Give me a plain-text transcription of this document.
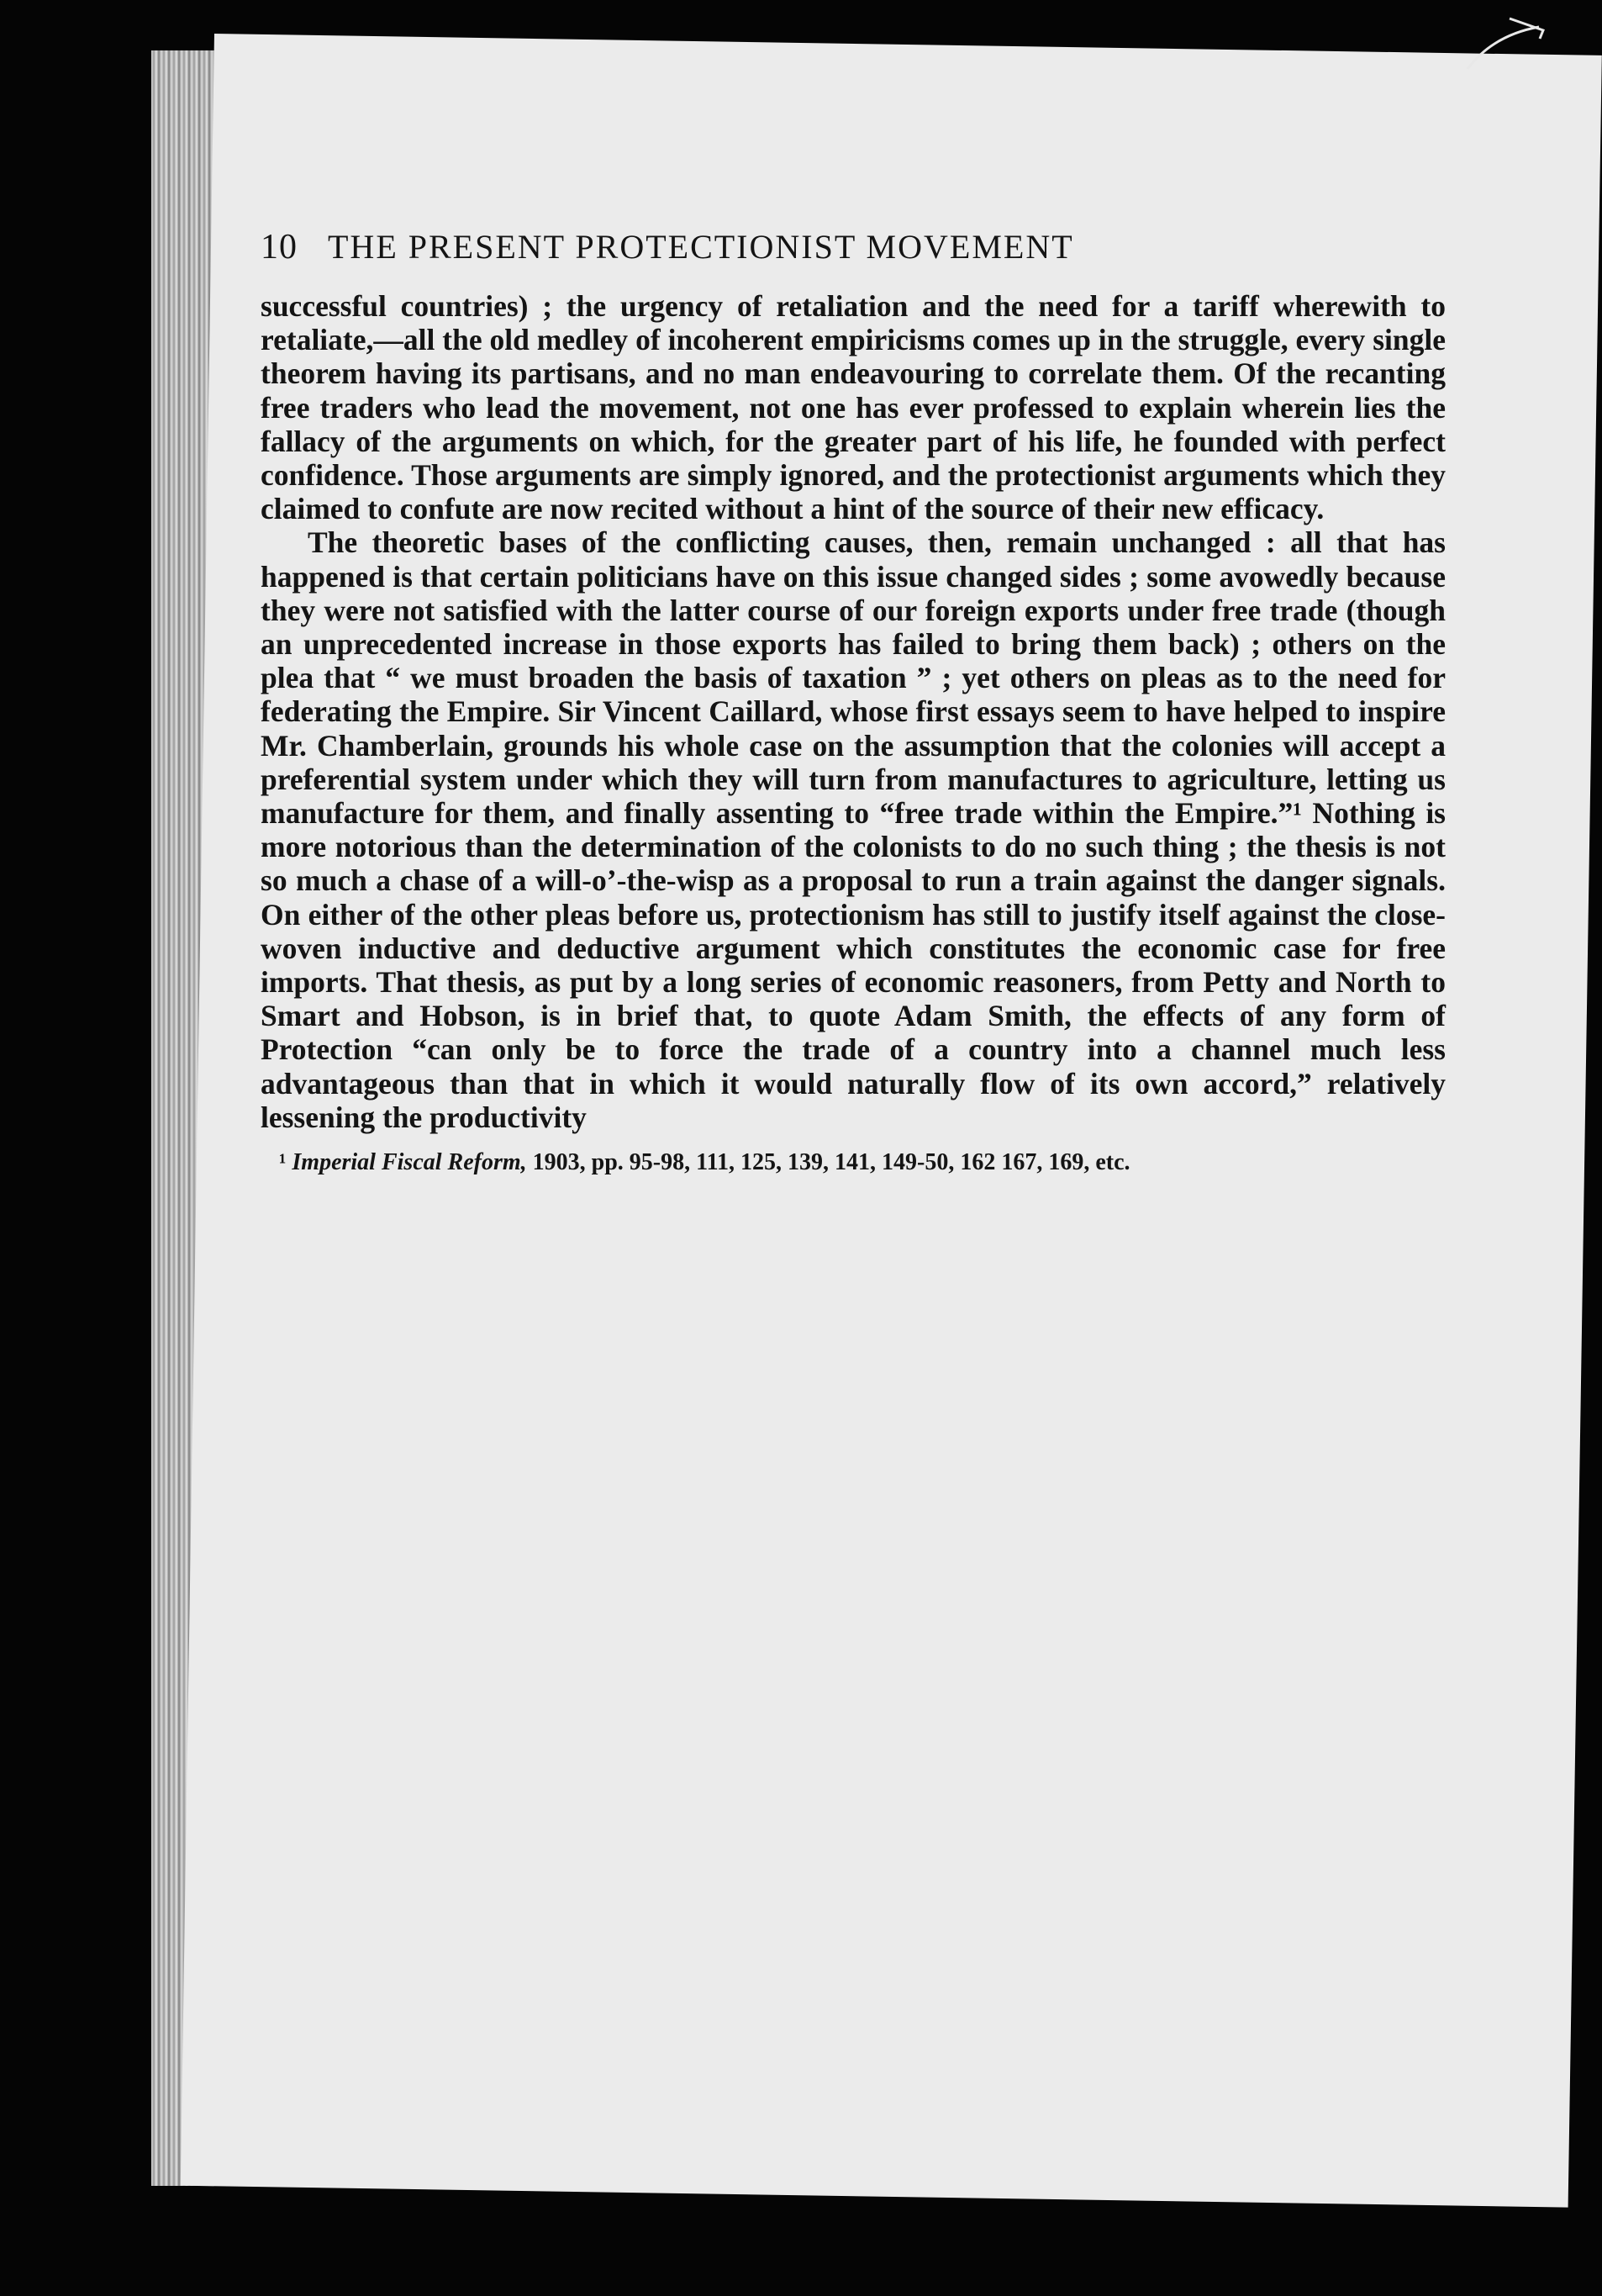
10 THE PRESENT PROTECTIONIST MOVEMENT

successful countries) ; the urgency of retaliation and the need for a tariff wherewith to retaliate,—all the old medley of incoherent empiricisms comes up in the struggle, every single theorem having its partisans, and no man endeavouring to correlate them. Of the recanting free traders who lead the movement, not one has ever professed to explain wherein lies the fallacy of the arguments on which, for the greater part of his life, he founded with perfect confidence. Those arguments are simply ignored, and the protectionist arguments which they claimed to confute are now recited without a hint of the source of their new efficacy.

The theoretic bases of the conflicting causes, then, remain unchanged : all that has happened is that certain politicians have on this issue changed sides ; some avowedly because they were not satisfied with the latter course of our foreign exports under free trade (though an unprecedented increase in those exports has failed to bring them back) ; others on the plea that “ we must broaden the basis of taxation ” ; yet others on pleas as to the need for federating the Empire. Sir Vincent Caillard, whose first essays seem to have helped to inspire Mr. Chamberlain, grounds his whole case on the assumption that the colonies will accept a preferential system under which they will turn from manufactures to agriculture, letting us manufacture for them, and finally assenting to “free trade within the Empire.”¹ Nothing is more notorious than the determination of the colonists to do no such thing ; the thesis is not so much a chase of a will-o’-the-wisp as a proposal to run a train against the danger signals. On either of the other pleas before us, protectionism has still to justify itself against the close-woven inductive and deductive argument which constitutes the economic case for free imports. That thesis, as put by a long series of economic reasoners, from Petty and North to Smart and Hobson, is in brief that, to quote Adam Smith, the effects of any form of Protection “can only be to force the trade of a country into a channel much less advantageous than that in which it would naturally flow of its own accord,” relatively lessening the productivity

¹ Imperial Fiscal Reform, 1903, pp. 95-98, 111, 125, 139, 141, 149-50, 162 167, 169, etc.
